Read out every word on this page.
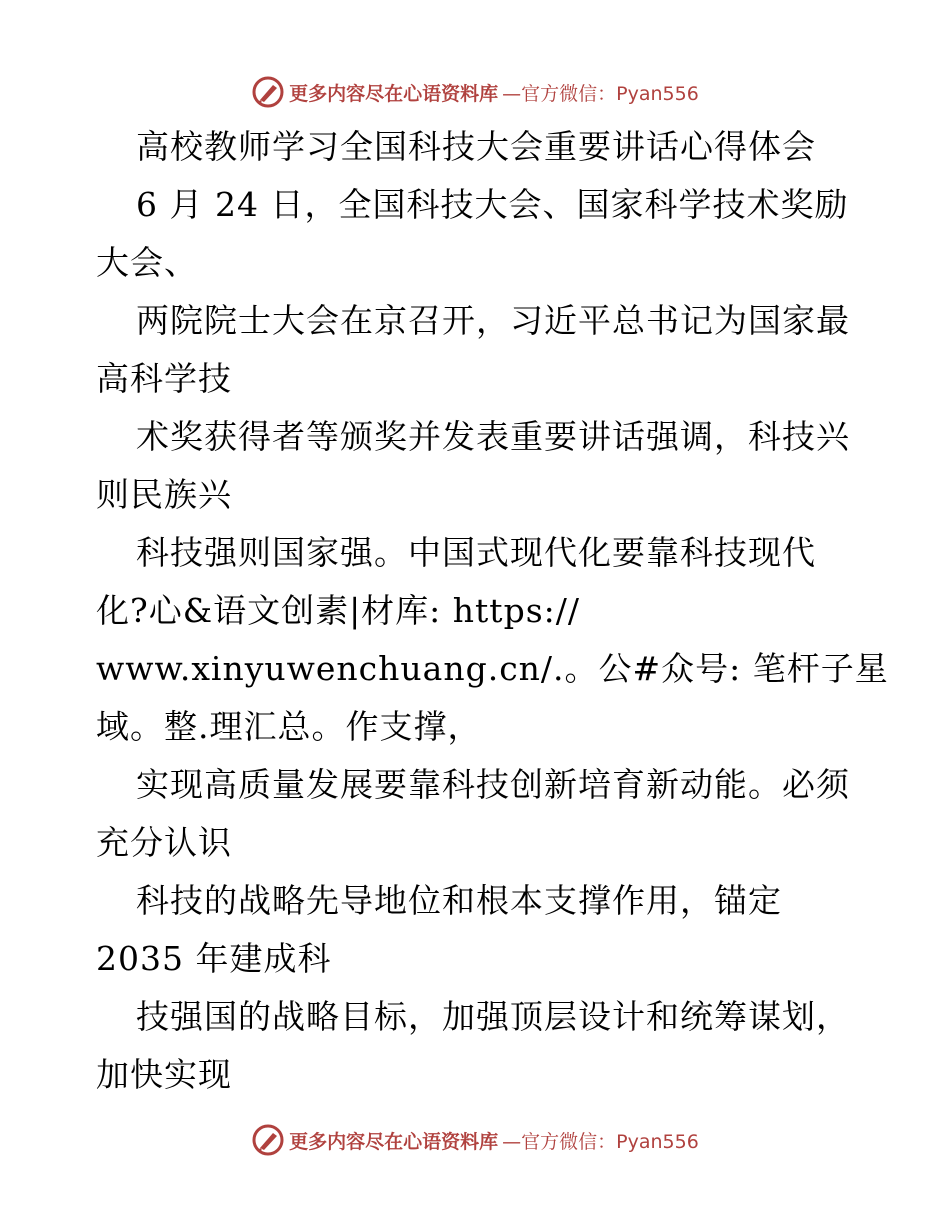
更多内容尽在心语资料库 —官方微信：Pyan556
高校教师学习全国科技大会重要讲话心得体会
6 月 24 日，全国科技大会、国家科学技术奖励
大会、
两院院士大会在京召开，习近平总书记为国家最
高科学技
术奖获得者等颁奖并发表重要讲话强调，科技兴
则民族兴
科技强则国家强。中国式现代化要靠科技现代
化?心&语文创素|材库: https://
www.xinyuwenchuang.cn/.。公#众号: 笔杆子星
域。整.理汇总。作支撑，
实现高质量发展要靠科技创新培育新动能。必须
充分认识
科技的战略先导地位和根本支撑作用，锚定
2035 年建成科
技强国的战略目标，加强顶层设计和统筹谋划，
加快实现
更多内容尽在心语资料库 —官方微信：Pyan556
